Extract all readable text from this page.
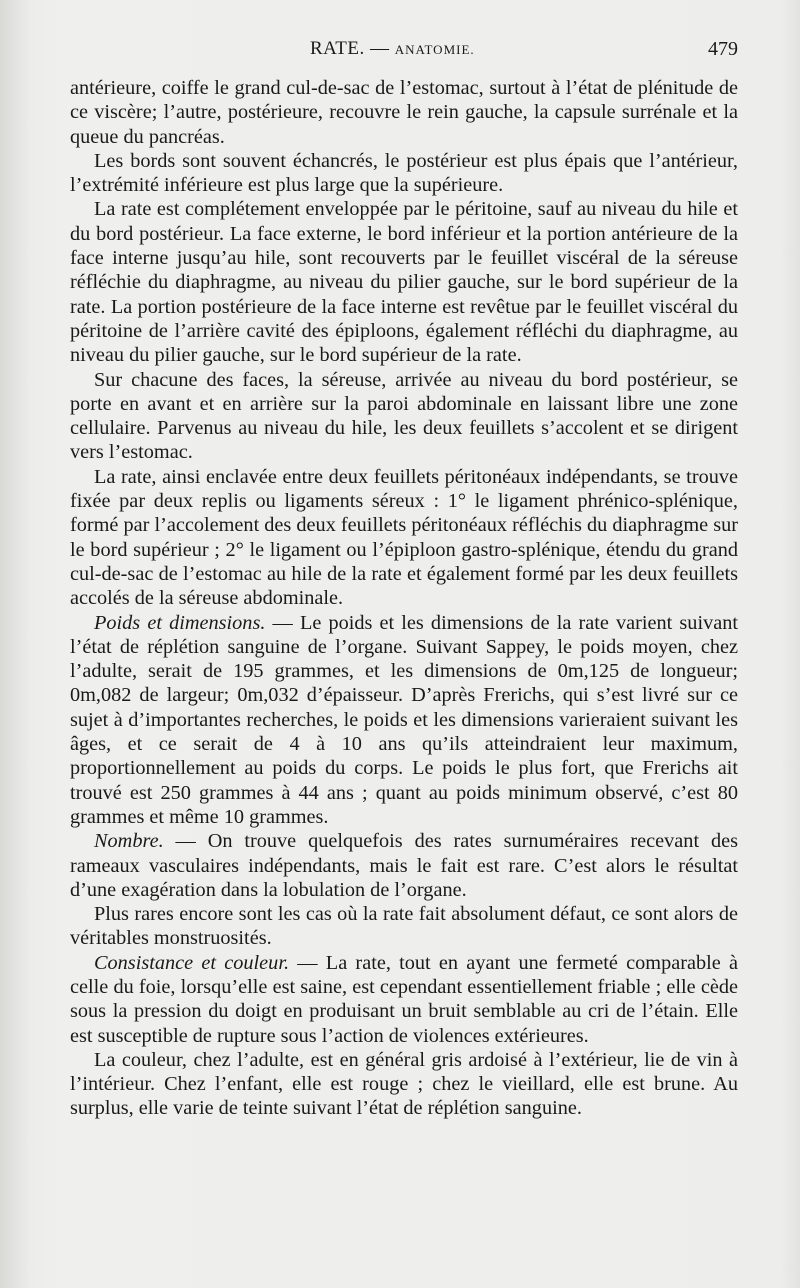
RATE. — ANATOMIE.	479

antérieure, coiffe le grand cul-de-sac de l’estomac, surtout à l’état de plénitude de ce viscère; l’autre, postérieure, recouvre le rein gauche, la capsule surrénale et la queue du pancréas.

Les bords sont souvent échancrés, le postérieur est plus épais que l’antérieur, l’extrémité inférieure est plus large que la supérieure.

La rate est complétement enveloppée par le péritoine, sauf au niveau du hile et du bord postérieur. La face externe, le bord inférieur et la portion antérieure de la face interne jusqu’au hile, sont recouverts par le feuillet viscéral de la séreuse réfléchie du diaphragme, au niveau du pilier gauche, sur le bord supérieur de la rate. La portion postérieure de la face interne est revêtue par le feuillet viscéral du péritoine de l’arrière cavité des épiploons, également réfléchi du diaphragme, au niveau du pilier gauche, sur le bord supérieur de la rate.

Sur chacune des faces, la séreuse, arrivée au niveau du bord postérieur, se porte en avant et en arrière sur la paroi abdominale en laissant libre une zone cellulaire. Parvenus au niveau du hile, les deux feuillets s’accolent et se dirigent vers l’estomac.

La rate, ainsi enclavée entre deux feuillets péritonéaux indépendants, se trouve fixée par deux replis ou ligaments séreux : 1° le ligament phrénico-splénique, formé par l’accolement des deux feuillets péritonéaux réfléchis du diaphragme sur le bord supérieur ; 2° le ligament ou l’épiploon gastro-splénique, étendu du grand cul-de-sac de l’estomac au hile de la rate et également formé par les deux feuillets accolés de la séreuse abdominale.

Poids et dimensions. — Le poids et les dimensions de la rate varient suivant l’état de réplétion sanguine de l’organe. Suivant Sappey, le poids moyen, chez l’adulte, serait de 195 grammes, et les dimensions de 0m,125 de longueur; 0m,082 de largeur; 0m,032 d’épaisseur. D’après Frerichs, qui s’est livré sur ce sujet à d’importantes recherches, le poids et les dimensions varieraient suivant les âges, et ce serait de 4 à 10 ans qu’ils atteindraient leur maximum, proportionnellement au poids du corps. Le poids le plus fort, que Frerichs ait trouvé est 250 grammes à 44 ans ; quant au poids minimum observé, c’est 80 grammes et même 10 grammes.

Nombre. — On trouve quelquefois des rates surnuméraires recevant des rameaux vasculaires indépendants, mais le fait est rare. C’est alors le résultat d’une exagération dans la lobulation de l’organe.

Plus rares encore sont les cas où la rate fait absolument défaut, ce sont alors de véritables monstruosités.

Consistance et couleur. — La rate, tout en ayant une fermeté comparable à celle du foie, lorsqu’elle est saine, est cependant essentiellement friable ; elle cède sous la pression du doigt en produisant un bruit semblable au cri de l’étain. Elle est susceptible de rupture sous l’action de violences extérieures.

La couleur, chez l’adulte, est en général gris ardoisé à l’extérieur, lie de vin à l’intérieur. Chez l’enfant, elle est rouge ; chez le vieillard, elle est brune. Au surplus, elle varie de teinte suivant l’état de réplétion sanguine.
